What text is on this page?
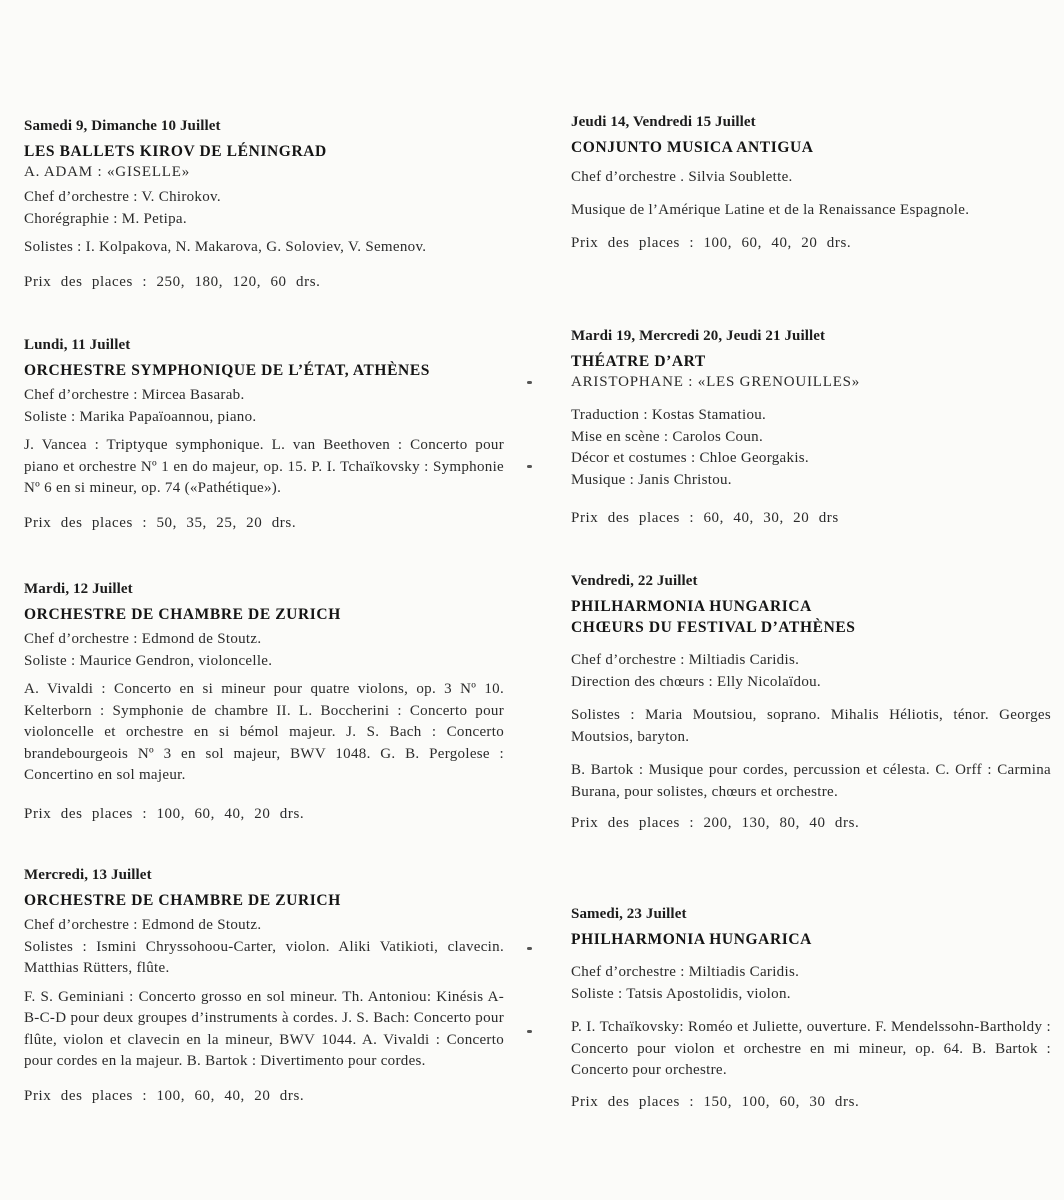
Samedi 9, Dimanche 10 Juillet
LES BALLETS KIROV DE LÉNINGRAD
A. ADAM : «GISELLE»
Chef d’orchestre : V. Chirokov.
Chorégraphie : M. Petipa.
Solistes : I. Kolpakova, N. Makarova, G. Soloviev, V. Semenov.
Prix des places : 250, 180, 120, 60 drs.
Lundi, 11 Juillet
ORCHESTRE SYMPHONIQUE DE L’ÉTAT, ATHÈNES
Chef d’orchestre : Mircea Basarab.
Soliste : Marika Papaïoannou, piano.
J. Vancea : Triptyque symphonique. L. van Beethoven : Concerto pour piano et orchestre Nº 1 en do majeur, op. 15. P. I. Tchaïkovsky : Symphonie Nº 6 en si mineur, op. 74 («Pathétique»).
Prix des places : 50, 35, 25, 20 drs.
Mardi, 12 Juillet
ORCHESTRE DE CHAMBRE DE ZURICH
Chef d’orchestre : Edmond de Stoutz.
Soliste : Maurice Gendron, violoncelle.
A. Vivaldi : Concerto en si mineur pour quatre violons, op. 3 Nº 10. Kelterborn : Symphonie de chambre II. L. Boccherini : Concerto pour violoncelle et orchestre en si bémol majeur. J. S. Bach : Concerto brandebourgeois Nº 3 en sol majeur, BWV 1048. G. B. Pergolese : Concertino en sol majeur.
Prix des places : 100, 60, 40, 20 drs.
Mercredi, 13 Juillet
ORCHESTRE DE CHAMBRE DE ZURICH
Chef d’orchestre : Edmond de Stoutz.
Solistes : Ismini Chryssohoou-Carter, violon. Aliki Vatikioti, clavecin. Matthias Rütters, flûte.
F. S. Geminiani : Concerto grosso en sol mineur. Th. Antoniou: Kinésis A-B-C-D pour deux groupes d’instruments à cordes. J. S. Bach: Concerto pour flûte, violon et clavecin en la mineur, BWV 1044. A. Vivaldi : Concerto pour cordes en la majeur. B. Bartok : Divertimento pour cordes.
Prix des places : 100, 60, 40, 20 drs.
Jeudi 14, Vendredi 15 Juillet
CONJUNTO MUSICA ANTIGUA
Chef d’orchestre . Silvia Soublette.
Musique de l’Amérique Latine et de la Renaissance Espagnole.
Prix des places : 100, 60, 40, 20 drs.
Mardi 19, Mercredi 20, Jeudi 21 Juillet
THÉATRE D’ART
ARISTOPHANE : «LES GRENOUILLES»
Traduction : Kostas Stamatiou.
Mise en scène : Carolos Coun.
Décor et costumes : Chloe Georgakis.
Musique : Janis Christou.
Prix des places : 60, 40, 30, 20 drs
Vendredi, 22 Juillet
PHILHARMONIA HUNGARICA
CHŒURS DU FESTIVAL D’ATHÈNES
Chef d’orchestre : Miltiadis Caridis.
Direction des chœurs : Elly Nicolaïdou.
Solistes : Maria Moutsiou, soprano. Mihalis Héliotis, ténor. Georges Moutsios, baryton.
B. Bartok : Musique pour cordes, percussion et célesta. C. Orff : Carmina Burana, pour solistes, chœurs et orchestre.
Prix des places : 200, 130, 80, 40 drs.
Samedi, 23 Juillet
PHILHARMONIA HUNGARICA
Chef d’orchestre : Miltiadis Caridis.
Soliste : Tatsis Apostolidis, violon.
P. I. Tchaïkovsky: Roméo et Juliette, ouverture. F. Mendelssohn-Bartholdy : Concerto pour violon et orchestre en mi mineur, op. 64. B. Bartok : Concerto pour orchestre.
Prix des places : 150, 100, 60, 30 drs.
